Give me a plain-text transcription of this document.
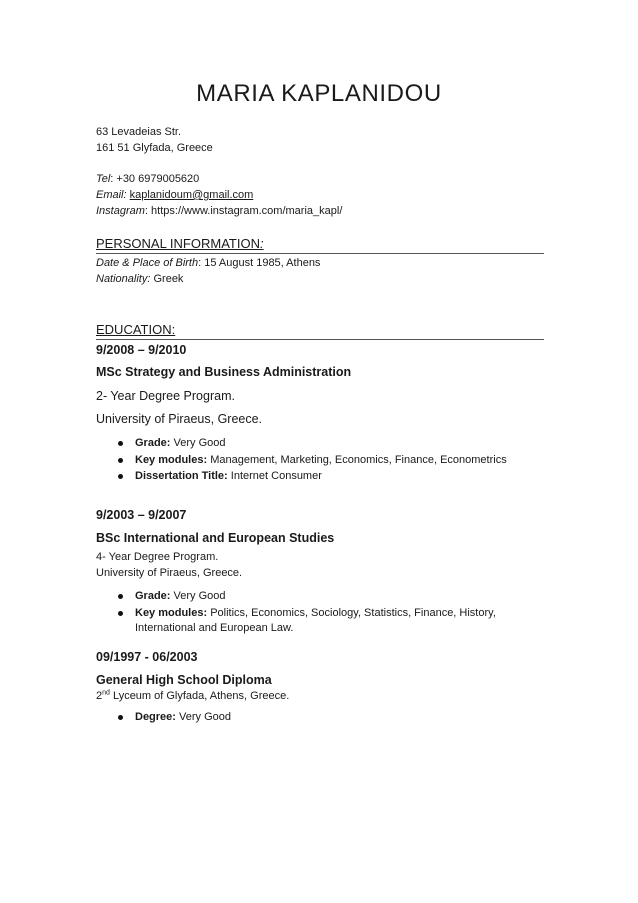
MARIA KAPLANIDOU
63 Levadeias Str.
161 51 Glyfada, Greece
Tel: +30 6979005620
Email: kaplanidoum@gmail.com
Instagram: https://www.instagram.com/maria_kapl/
PERSONAL INFORMATION:
Date & Place of Birth: 15 August 1985, Athens
Nationality: Greek
EDUCATION:
9/2008 – 9/2010
MSc Strategy and Business Administration
2- Year Degree Program.
University of Piraeus, Greece.
Grade: Very Good
Key modules: Management, Marketing, Economics, Finance, Econometrics
Dissertation Title: Internet Consumer
9/2003 – 9/2007
BSc International and European Studies
4- Year Degree Program.
University of Piraeus, Greece.
Grade: Very Good
Key modules: Politics, Economics, Sociology, Statistics, Finance, History, International and European Law.
09/1997 - 06/2003
General High School Diploma
2nd Lyceum of Glyfada, Athens, Greece.
Degree: Very Good
